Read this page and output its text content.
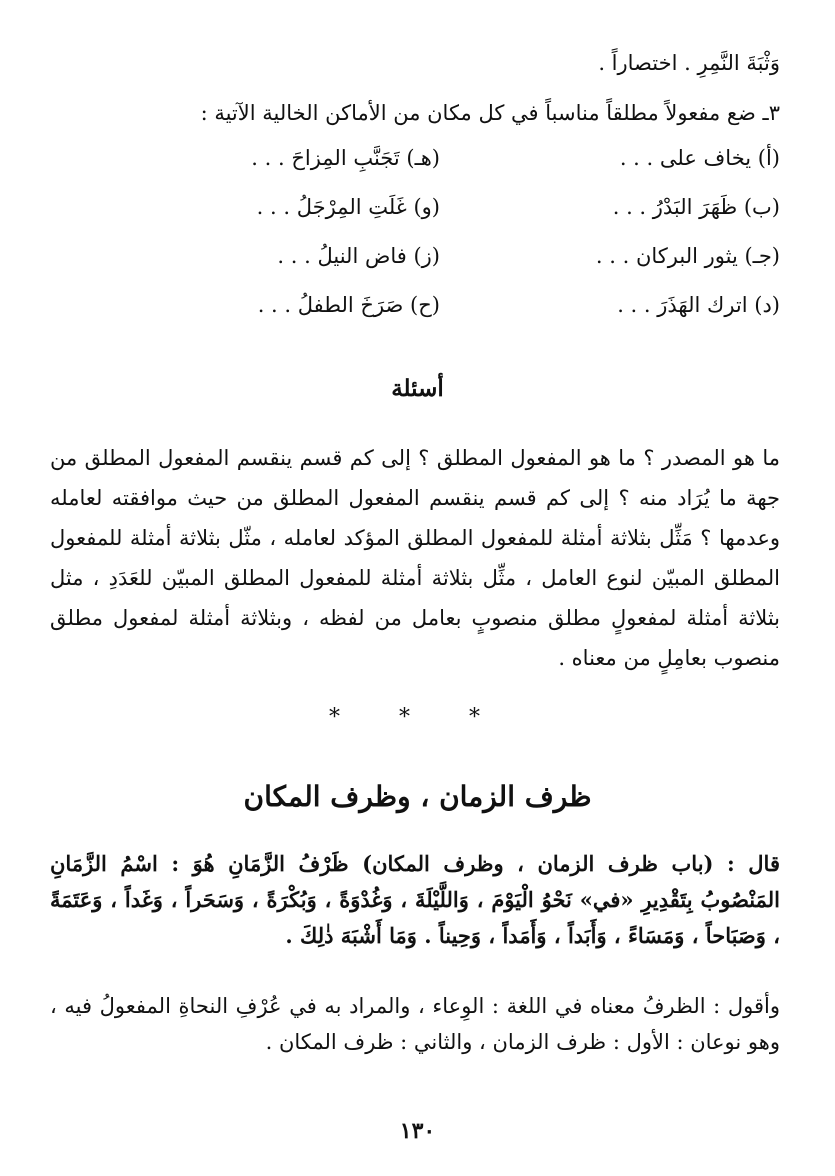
وَثْبَةَ النَّمِرِ . اختصاراً .
٣ـ ضع مفعولاً مطلقاً مناسباً في كل مكان من الأماكن الخالية الآتية :
(أ) يخاف على . . .
(هـ) تَجَنَّبِ المِزاحَ . . .
(ب) ظَهَرَ البَدْرُ . . .
(و) غَلَتِ المِرْجَلُ . . .
(جـ) يثور البركان . . .
(ز) فاض النيلُ . . .
(د) اترك الهَذَرَ . . .
(ح) صَرَخَ الطفلُ . . .
أسئلة
ما هو المصدر ؟ ما هو المفعول المطلق ؟ إلى كم قسم ينقسم المفعول المطلق من جهة ما يُرَاد منه ؟ إلى كم قسم ينقسم المفعول المطلق من حيث موافقته لعامله وعدمها ؟ مَثِّل بثلاثة أمثلة للمفعول المطلق المؤكد لعامله ، مثّل بثلاثة أمثلة للمفعول المطلق المبيّن لنوع العامل ، مثِّل بثلاثة أمثلة للمفعول المطلق المبيّن للعَدَدِ ، مثل بثلاثة أمثلة لمفعولٍ مطلق منصوبٍ بعامل من لفظه ، وبثلاثة أمثلة لمفعول مطلق منصوب بعامِلٍ من معناه .
* * *
ظرف الزمان ، وظرف المكان
قال : (باب ظرف الزمان ، وظرف المكان) ظَرْفُ الزَّمَانِ هُوَ : اسْمُ الزَّمَانِ المَنْصُوبُ بِتَقْدِيرِ «في» نَحْوُ الْيَوْمَ ، وَاللَّيْلَةَ ، وَغُدْوَةً ، وَبُكْرَةً ، وَسَحَراً ، وَغَداً ، وَعَتَمَةً ، وَصَبَاحاً ، وَمَسَاءً ، وَأَبَداً ، وَأَمَداً ، وَحِيناً . وَمَا أَشْبَهَ ذٰلِكَ .
وأقول : الظرفُ معناه في اللغة : الوِعاء ، والمراد به في عُرْفِ النحاةِ المفعولُ فيه ، وهو نوعان : الأول : ظرف الزمان ، والثاني : ظرف المكان .
١٣٠
